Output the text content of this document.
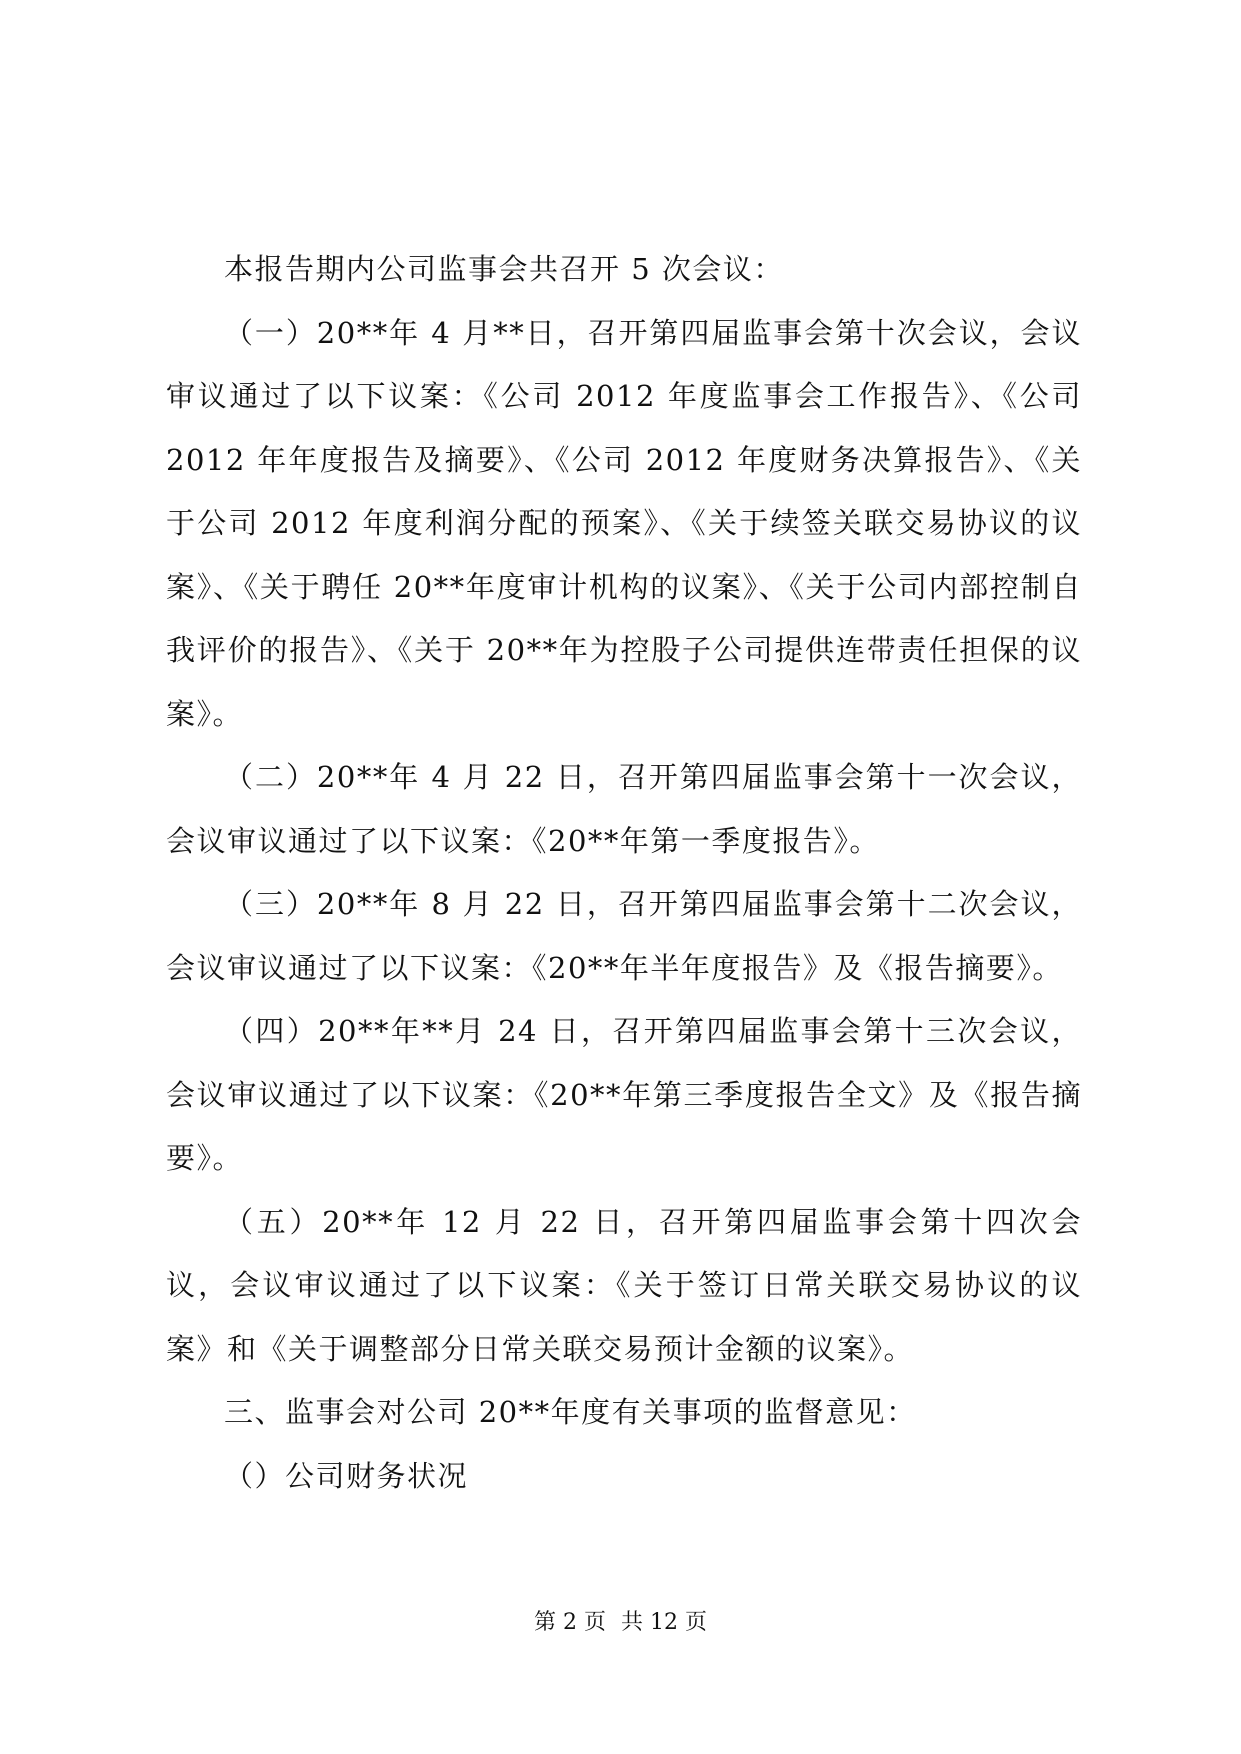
本报告期内公司监事会共召开 5 次会议：

（一）20**年 4 月**日，召开第四届监事会第十次会议，会议审议通过了以下议案：《公司 2012 年度监事会工作报告》、《公司 2012 年年度报告及摘要》、《公司 2012 年度财务决算报告》、《关于公司 2012 年度利润分配的预案》、《关于续签关联交易协议的议案》、《关于聘任 20**年度审计机构的议案》、《关于公司内部控制自我评价的报告》、《关于 20**年为控股子公司提供连带责任担保的议案》。

（二）20**年 4 月 22 日，召开第四届监事会第十一次会议，会议审议通过了以下议案：《20**年第一季度报告》。

（三）20**年 8 月 22 日，召开第四届监事会第十二次会议，会议审议通过了以下议案：《20**年半年度报告》及《报告摘要》。

（四）20**年**月 24 日，召开第四届监事会第十三次会议，会议审议通过了以下议案：《20**年第三季度报告全文》及《报告摘要》。

（五）20**年 12 月 22 日，召开第四届监事会第十四次会议，会议审议通过了以下议案：《关于签订日常关联交易协议的议案》和《关于调整部分日常关联交易预计金额的议案》。

三、监事会对公司 20**年度有关事项的监督意见：

（）公司财务状况

第 2 页 共 12 页
